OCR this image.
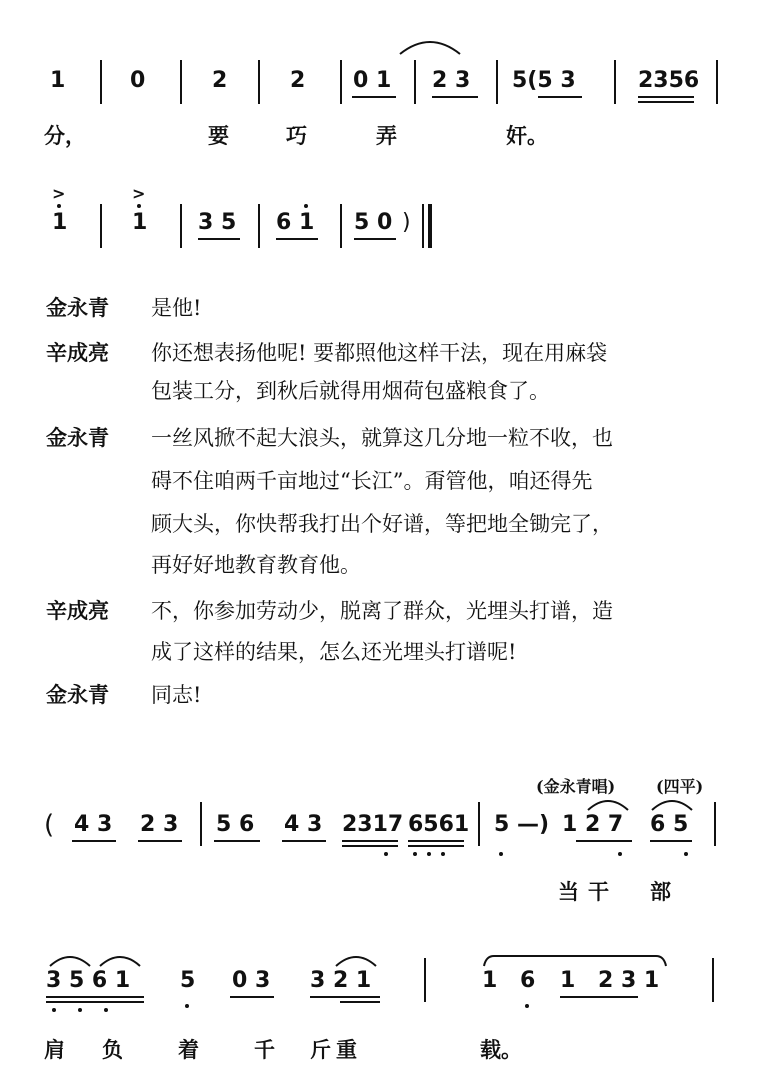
1	0	2	2 0 1 2 3 5(5 3	2356
分，	要	巧	弄	奸。
>
1
>
1 3 5 6 1 5 0 )
金永青 是他!
辛成亮 你还想表扬他呢! 要都照他这样干法，现在用麻袋
包装工分，到秋后就得用烟荷包盛粮食了。
金永青 一丝风掀不起大浪头，就算这几分地一粒不收，也
碍不住咱两千亩地过“长江”。甭管他，咱还得先
顾大头，你快帮我打出个好谱，等把地全锄完了，
再好好地教育教育他。
辛成亮 不，你参加劳动少，脱离了群众，光埋头打谱，造
成了这样的结果，怎么还光埋头打谱呢!
金永青 同志!
(金永青唱)	(四平)
( 4 3 2 3 5 6 4 3 2317 6561 5 —) 1 2 7 6 5
当 干 部
3 5 6 1 5 0 3 3 2 1	1 6 1 2 3 1
肩 负	着	千 斤 重	载。
